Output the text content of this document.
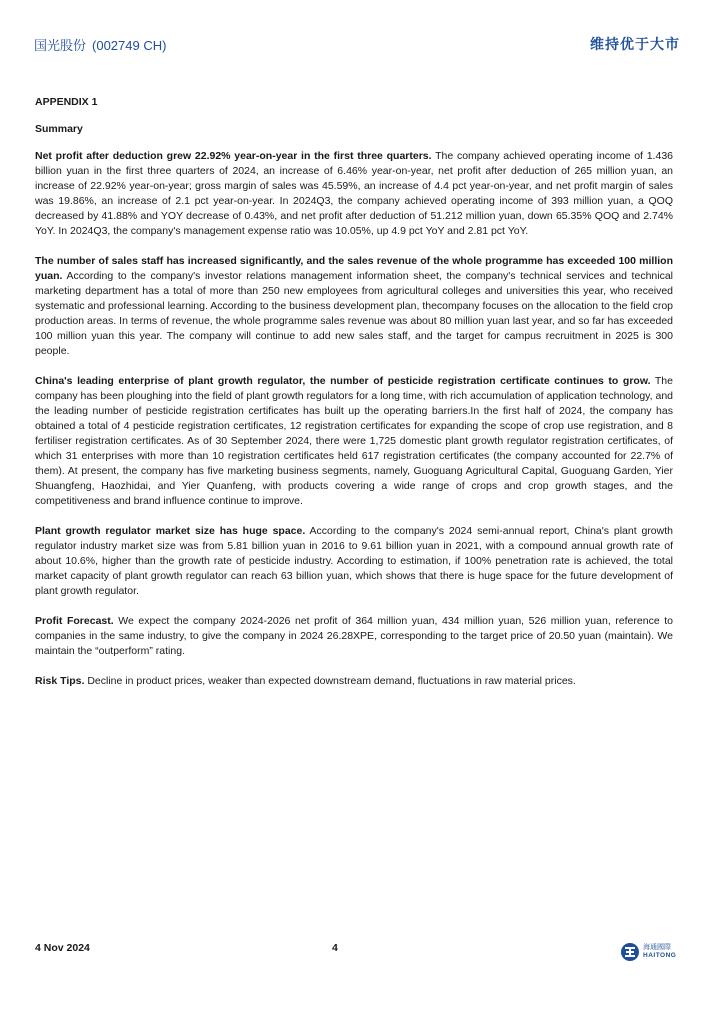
国光股份 (002749 CH)	维持优于大市
APPENDIX 1
Summary

Net profit after deduction grew 22.92% year-on-year in the first three quarters. The company achieved operating income of 1.436 billion yuan in the first three quarters of 2024, an increase of 6.46% year-on-year, net profit after deduction of 265 million yuan, an increase of 22.92% year-on-year; gross margin of sales was 45.59%, an increase of 4.4 pct year-on-year, and net profit margin of sales was 19.86%, an increase of 2.1 pct year-on-year. In 2024Q3, the company achieved operating income of 393 million yuan, a QOQ decreased by 41.88% and YOY decrease of 0.43%, and net profit after deduction of 51.212 million yuan, down 65.35% QOQ and 2.74% YoY. In 2024Q3, the company's management expense ratio was 10.05%, up 4.9 pct YoY and 2.81 pct YoY.

The number of sales staff has increased significantly, and the sales revenue of the whole programme has exceeded 100 million yuan. According to the company's investor relations management information sheet, the company's technical services and technical marketing department has a total of more than 250 new employees from agricultural colleges and universities this year, who received systematic and professional learning. According to the business development plan, thecompany focuses on the allocation to the field crop production areas. In terms of revenue, the whole programme sales revenue was about 80 million yuan last year, and so far has exceeded 100 million yuan this year. The company will continue to add new sales staff, and the target for campus recruitment in 2025 is 300 people.

China's leading enterprise of plant growth regulator, the number of pesticide registration certificate continues to grow. The company has been ploughing into the field of plant growth regulators for a long time, with rich accumulation of application technology, and the leading number of pesticide registration certificates has built up the operating barriers.In the first half of 2024, the company has obtained a total of 4 pesticide registration certificates, 12 registration certificates for expanding the scope of crop use registration, and 8 fertiliser registration certificates. As of 30 September 2024, there were 1,725 domestic plant growth regulator registration certificates, of which 31 enterprises with more than 10 registration certificates held 617 registration certificates (the company accounted for 22.7% of them). At present, the company has five marketing business segments, namely, Guoguang Agricultural Capital, Guoguang Garden, Yier Shuangfeng, Haozhidai, and Yier Quanfeng, with products covering a wide range of crops and crop growth stages, and the competitiveness and brand influence continue to improve.

Plant growth regulator market size has huge space. According to the company's 2024 semi-annual report, China's plant growth regulator industry market size was from 5.81 billion yuan in 2016 to 9.61 billion yuan in 2021, with a compound annual growth rate of about 10.6%, higher than the growth rate of pesticide industry. According to estimation, if 100% penetration rate is achieved, the total market capacity of plant growth regulator can reach 63 billion yuan, which shows that there is huge space for the future development of plant growth regulator.

Profit Forecast. We expect the company 2024-2026 net profit of 364 million yuan, 434 million yuan, 526 million yuan, reference to companies in the same industry, to give the company in 2024 26.28XPE, corresponding to the target price of 20.50 yuan (maintain). We maintain the “outperform” rating.

Risk Tips. Decline in product prices, weaker than expected downstream demand, fluctuations in raw material prices.

4 Nov 2024	4	海通國際
HAITONG
